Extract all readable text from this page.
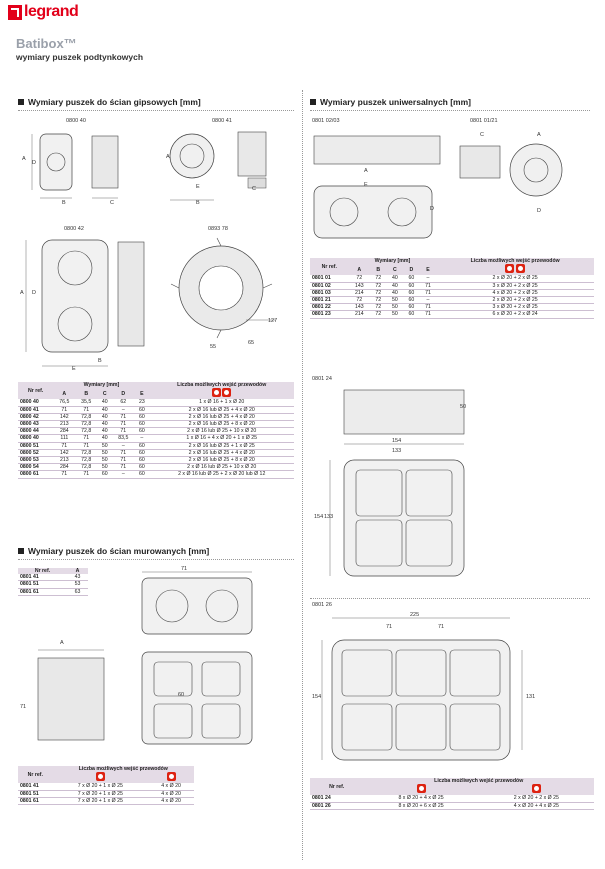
legrand
Batibox™
wymiary puszek podtynkowych
Wymiary puszek do ścian gipsowych [mm]
0800 40	0800 41
0800 42	0893 78
A
D
B	C
A
E
B
C
A D
B
E
127
65
55
Nr ref.	Wymiary [mm]					Liczba możliwych wejść przewodów
	A	B	C	D	E	
0800 40	76,5	35,5	40	62	23	1 x Ø 16 + 1 x Ø 20
0800 41	71	71	40	–	60	2 x Ø 16 lub Ø 25 + 4 x Ø 20
0800 42	142	72,8	40	71	60	2 x Ø 16 lub Ø 25 + 4 x Ø 20
0800 43	213	72,8	40	71	60	2 x Ø 16 lub Ø 25 + 8 x Ø 20
0800 44	284	72,8	40	71	60	2 x Ø 16 lub Ø 25 + 10 x Ø 20
0800 40	111	71	40	83,5	–	1 x Ø 16 + 4 x Ø 20 + 1 x Ø 25
0800 51	71	71	50	–	60	2 x Ø 16 lub Ø 25 + 1 x Ø 25
0800 52	142	72,8	50	71	60	2 x Ø 16 lub Ø 25 + 4 x Ø 20
0800 53	213	72,8	50	71	60	2 x Ø 16 lub Ø 25 + 8 x Ø 20
0800 54	284	72,8	50	71	60	2 x Ø 16 lub Ø 25 + 10 x Ø 20
0800 61	71	71	60	–	60	2 x Ø 16 lub Ø 25 + 2 x Ø 20 lub Ø 12
Wymiary puszek do ścian murowanych [mm]
Nr ref.	A
0801 41	43
0801 51	53
0801 61	63
71
A
60
71
Nr ref.	Liczba możliwych wejść przewodów	

0801 41	7 x Ø 20 + 1 x Ø 25	4 x Ø 20
0801 51	7 x Ø 20 + 1 x Ø 25	4 x Ø 20
0801 61	7 x Ø 20 + 1 x Ø 25	4 x Ø 20
Wymiary puszek uniwersalnych [mm]
0801 02/03	0801 01/21
A
E
D
C	A
D
Nr ref.	Wymiary [mm]					Liczba możliwych wejść przewodów
	A	B	C	D	E	
0801 01	72	72	40	60	–	2 x Ø 20 + 2 x Ø 25
0801 02	143	72	40	60	71	3 x Ø 20 + 2 x Ø 25
0801 03	214	72	40	60	71	4 x Ø 20 + 2 x Ø 25
0801 21	72	72	50	60	–	2 x Ø 20 + 2 x Ø 25
0801 22	143	72	50	60	71	3 x Ø 20 + 2 x Ø 25
0801 23	214	72	50	60	71	6 x Ø 20 + 2 x Ø 24
0801 24
50
154
133
154 133
0801 26
225
71	71
154	131
Nr ref.	Liczba możliwych wejść przewodów	

0801 24	8 x Ø 20 + 4 x Ø 25	2 x Ø 20 + 2 x Ø 25
0801 26	8 x Ø 20 + 6 x Ø 25	4 x Ø 20 + 4 x Ø 25
